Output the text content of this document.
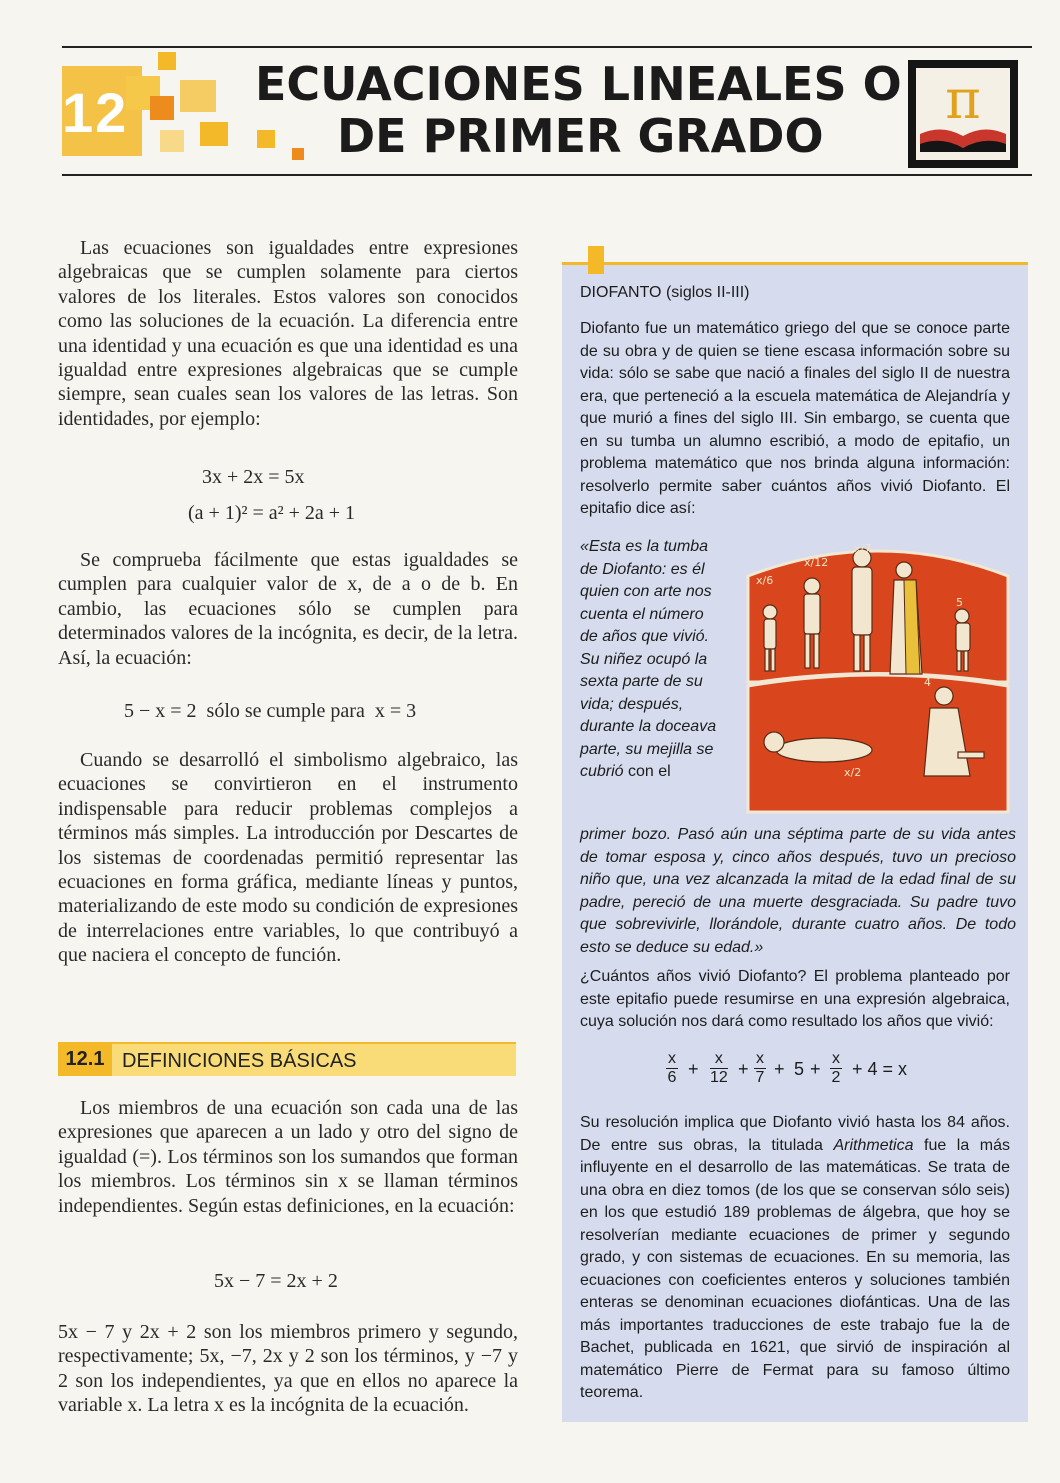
12	ECUACIONES LINEALES O
DE PRIMER GRADO
π

Las ecuaciones son igualdades entre expresiones algebraicas que se cumplen solamente para ciertos valores de los literales. Estos valores son conocidos como las soluciones de la ecuación. La diferencia entre una identidad y una ecuación es que una identidad es una igualdad entre expresiones algebraicas que se cumple siempre, sean cuales sean los valores de las letras. Son identidades, por ejemplo:

3x + 2x = 5x
(a + 1)² = a² + 2a + 1

Se comprueba fácilmente que estas igualdades se cumplen para cualquier valor de x, de a o de b. En cambio, las ecuaciones sólo se cumplen para determinados valores de la incógnita, es decir, de la letra. Así, la ecuación:

5 − x = 2  sólo se cumple para  x = 3

Cuando se desarrolló el simbolismo algebraico, las ecuaciones se convirtieron en el instrumento indispensable para reducir problemas complejos a términos más simples. La introducción por Descartes de los sistemas de coordenadas permitió representar las ecuaciones en forma gráfica, mediante líneas y puntos, materializando de este modo su condición de expresiones de interrelaciones entre variables, lo que contribuyó a que naciera el concepto de función.

12.1 DEFINICIONES BÁSICAS

Los miembros de una ecuación son cada una de las expresiones que aparecen a un lado y otro del signo de igualdad (=). Los términos son los sumandos que forman los miembros. Los términos sin x se llaman términos independientes. Según estas definiciones, en la ecuación:

5x − 7 = 2x + 2

5x − 7 y 2x + 2 son los miembros primero y segundo, respectivamente; 5x, −7, 2x y 2 son los términos, y −7 y 2 son los independientes, ya que en ellos no aparece la variable x. La letra x es la incógnita de la ecuación.

DIOFANTO (siglos II-III)

Diofanto fue un matemático griego del que se conoce parte de su obra y de quien se tiene escasa información sobre su vida: sólo se sabe que nació a finales del siglo II de nuestra era, que perteneció a la escuela matemática de Alejandría y que murió a fines del siglo III. Sin embargo, se cuenta que en su tumba un alumno escribió, a modo de epitafio, un problema matemático que nos brinda alguna información: resolverlo permite saber cuántos años vivió Diofanto. El epitafio dice así:

«Esta es la tumba
de Diofanto: es él
quien con arte nos
cuenta el número
de años que vivió.
Su niñez ocupó la
sexta parte de su
vida; después,
durante la doceava
parte, su mejilla se
cubrió con el
x/6
x/12
x/7
5
x/2
4

primer bozo. Pasó aún una séptima parte de su vida antes de tomar esposa y, cinco años después, tuvo un precioso niño que, una vez alcanzada la mitad de la edad final de su padre, pereció de una muerte desgraciada. Su padre tuvo que sobrevivirle, llorándole, durante cuatro años. De todo esto se deduce su edad.»

¿Cuántos años vivió Diofanto? El problema planteado por este epitafio puede resumirse en una expresión algebraica, cuya solución nos dará como resultado los años que vivió:

$\frac{x}{6} + \frac{x}{12} + \frac{x}{7} + 5 + \frac{x}{2} + 4 = x$

Su resolución implica que Diofanto vivió hasta los 84 años. De entre sus obras, la titulada Arithmetica fue la más influyente en el desarrollo de las matemáticas. Se trata de una obra en diez tomos (de los que se conservan sólo seis) en los que estudió 189 problemas de álgebra, que hoy se resolverían mediante ecuaciones de primer y segundo grado, y con sistemas de ecuaciones. En su memoria, las ecuaciones con coeficientes enteros y soluciones también enteras se denominan ecuaciones diofánticas. Una de las más importantes traducciones de este trabajo fue la de Bachet, publicada en 1621, que sirvió de inspiración al matemático Pierre de Fermat para su famoso último teorema.
